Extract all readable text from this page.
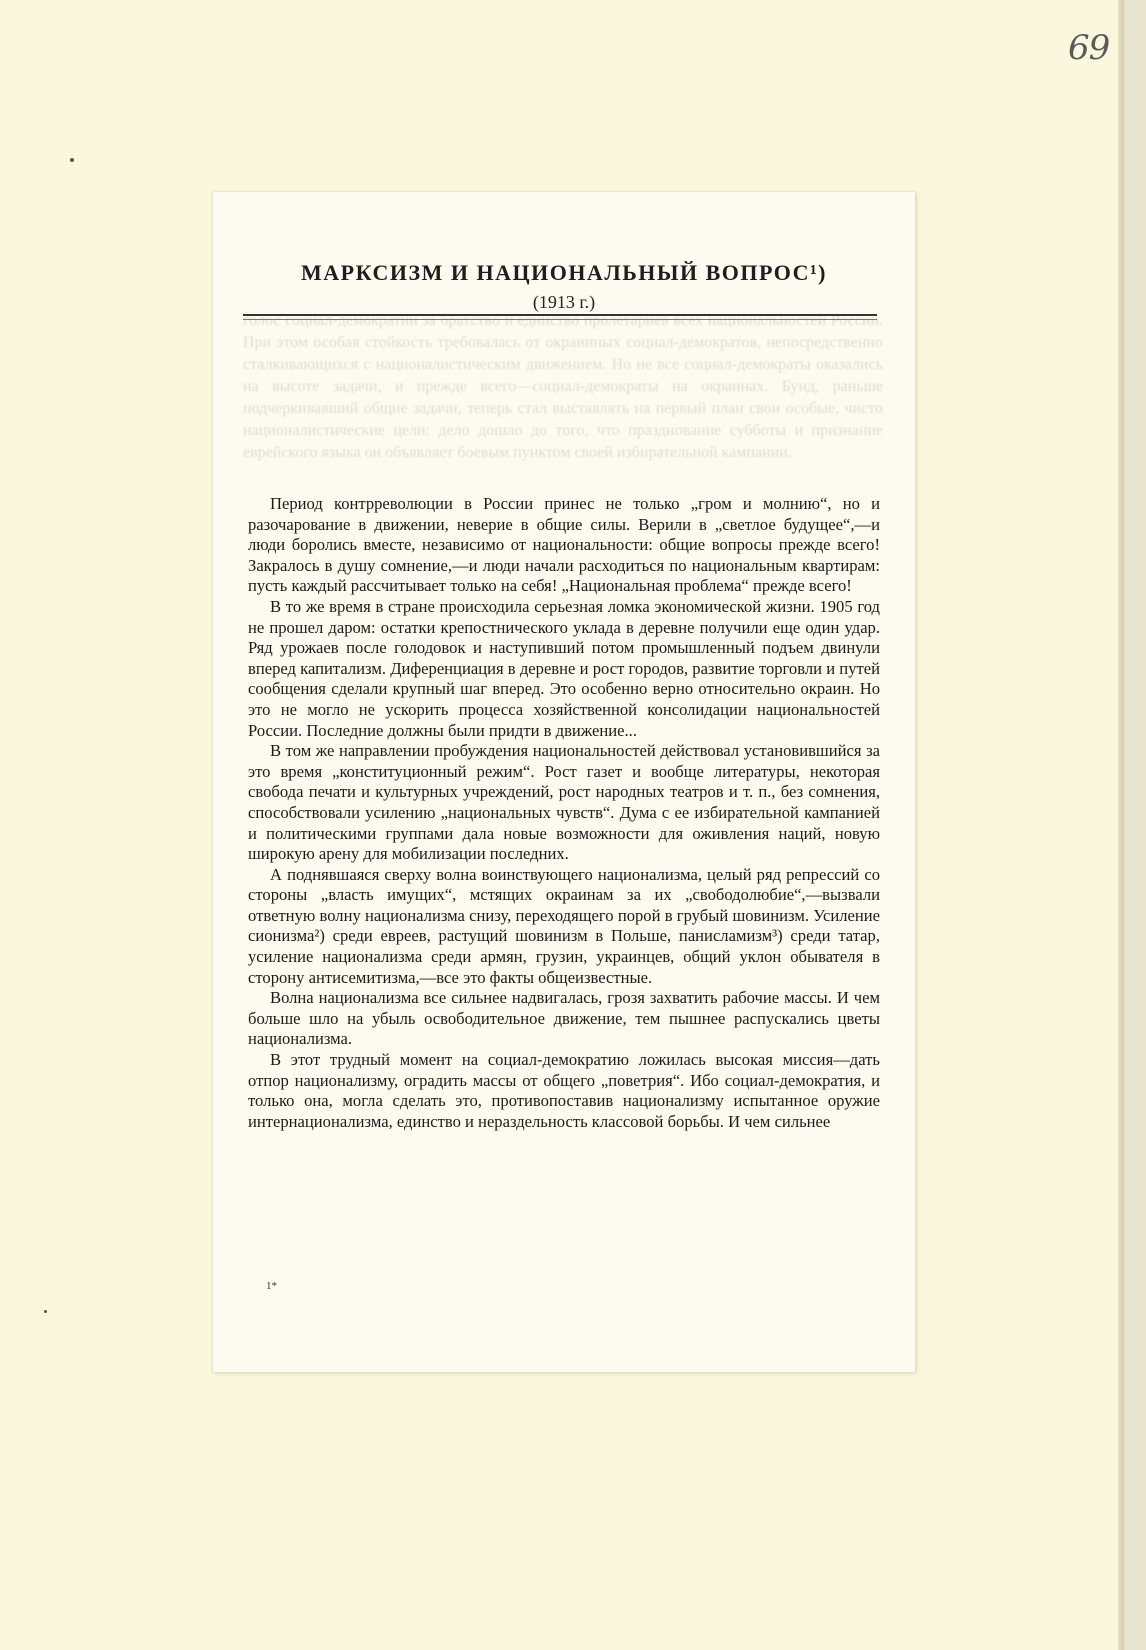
69
голос социал-демократии за братство и единство пролетариев всех национальностей России. При этом особая стойкость требовалась от окраинных социал-демократов, непосредственно сталкивающихся с националистическим движением. Но не все социал-демократы оказались на высоте задачи, и прежде всего—социал-демократы на окраинах. Бунд, раньше подчеркивавший общие задачи, теперь стал выставлять на первый план свои особые, чисто националистические цели: дело дошло до того, что празднование субботы и признание еврейского языка он объявляет боевым пунктом своей избирательной кампании.
МАРКСИЗМ И НАЦИОНАЛЬНЫЙ ВОПРОС¹)
(1913 г.)

Период контрреволюции в России принес не только „гром и молнию“, но и разочарование в движении, неверие в общие силы. Верили в „светлое будущее“,—и люди боролись вместе, независимо от национальности: общие вопросы прежде всего! Закралось в душу сомнение,—и люди начали расходиться по национальным квартирам: пусть каждый рассчитывает только на себя! „Национальная проблема“ прежде всего!

В то же время в стране происходила серьезная ломка экономической жизни. 1905 год не прошел даром: остатки крепостнического уклада в деревне получили еще один удар. Ряд урожаев после голодовок и наступивший потом промышленный подъем двинули вперед капитализм. Диференциация в деревне и рост городов, развитие торговли и путей сообщения сделали крупный шаг вперед. Это особенно верно относительно окраин. Но это не могло не ускорить процесса хозяйственной консолидации национальностей России. Последние должны были придти в движение...

В том же направлении пробуждения национальностей действовал установившийся за это время „конституционный режим“. Рост газет и вообще литературы, некоторая свобода печати и культурных учреждений, рост народных театров и т. п., без сомнения, способствовали усилению „национальных чувств“. Дума с ее избирательной кампанией и политическими группами дала новые возможности для оживления наций, новую широкую арену для мобилизации последних.

А поднявшаяся сверху волна воинствующего национализма, целый ряд репрессий со стороны „власть имущих“, мстящих окраинам за их „свободолюбие“,—вызвали ответную волну национализма снизу, переходящего порой в грубый шовинизм. Усиление сионизма²) среди евреев, растущий шовинизм в Польше, панисламизм³) среди татар, усиление национализма среди армян, грузин, украинцев, общий уклон обывателя в сторону антисемитизма,—все это факты общеизвестные.

Волна национализма все сильнее надвигалась, грозя захватить рабочие массы. И чем больше шло на убыль освободительное движение, тем пышнее распускались цветы национализма.

В этот трудный момент на социал-демократию ложилась высокая миссия—дать отпор национализму, оградить массы от общего „поветрия“. Ибо социал-демократия, и только она, могла сделать это, противопоставив национализму испытанное оружие интернационализма, единство и нераздельность классовой борьбы. И чем сильнее

1*
